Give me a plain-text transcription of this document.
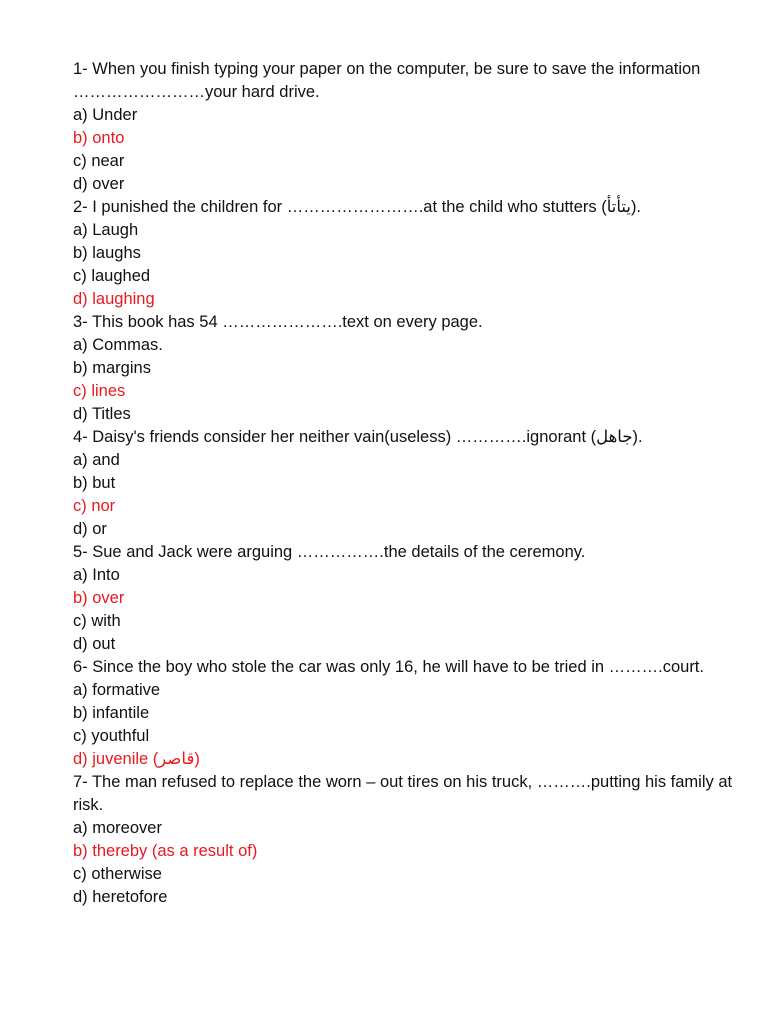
1- When you finish typing your paper on the computer, be sure to save the information ……………………your hard drive.
a) Under
b) onto
c) near
d) over
2- I punished the children for …………………….at the child who stutters (يتأتأ).
a) Laugh
b) laughs
c) laughed
d) laughing
3- This book has 54 ………………….text on every page.
a) Commas.
b) margins
c) lines
d) Titles
4- Daisy's friends consider her neither vain(useless) ………….ignorant (جاهل).
a) and
b) but
c) nor
d) or
5- Sue and Jack were arguing …………….the details of the ceremony.
a) Into
b) over
c) with
d) out
6- Since the boy who stole the car was only 16, he will have to be tried in ……….court.
a) formative
b) infantile
c) youthful
d) juvenile (قاصر)
7- The man refused to replace the worn – out tires on his truck, ……….putting his family at risk.
a) moreover
b) thereby (as a result of)
c) otherwise
d) heretofore
